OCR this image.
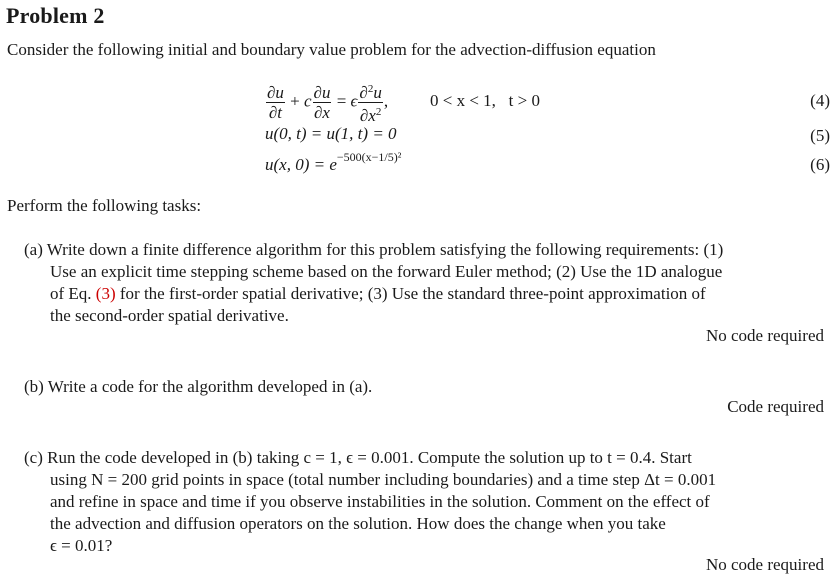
Problem 2
Consider the following initial and boundary value problem for the advection-diffusion equation
$\frac{\partial u}{\partial t} + c \frac{\partial u}{\partial x} = \epsilon \frac{\partial^2u}{\partial x^2}$ , 0 < x < 1,   t > 0	(4)
u(0, t) = u(1, t) = 0	(5)
u(x, $0) = e^{-500(x-1/5)^2}$	(6)
Perform the following tasks:
(a) Write down a finite difference algorithm for this problem satisfying the following requirements: (1)
Use an explicit time stepping scheme based on the forward Euler method; (2) Use the 1D analogue
of Eq. (3) for the first-order spatial derivative; (3) Use the standard three-point approximation of
the second-order spatial derivative.
No code required
(b) Write a code for the algorithm developed in (a).
Code required
(c) Run the code developed in (b) taking c = 1, ϵ = 0.001. Compute the solution up to t = 0.4. Start
using N = 200 grid points in space (total number including boundaries) and a time step Δt = 0.001
and refine in space and time if you observe instabilities in the solution. Comment on the effect of
the advection and diffusion operators on the solution. How does the change when you take
ϵ = 0.01?
No code required
